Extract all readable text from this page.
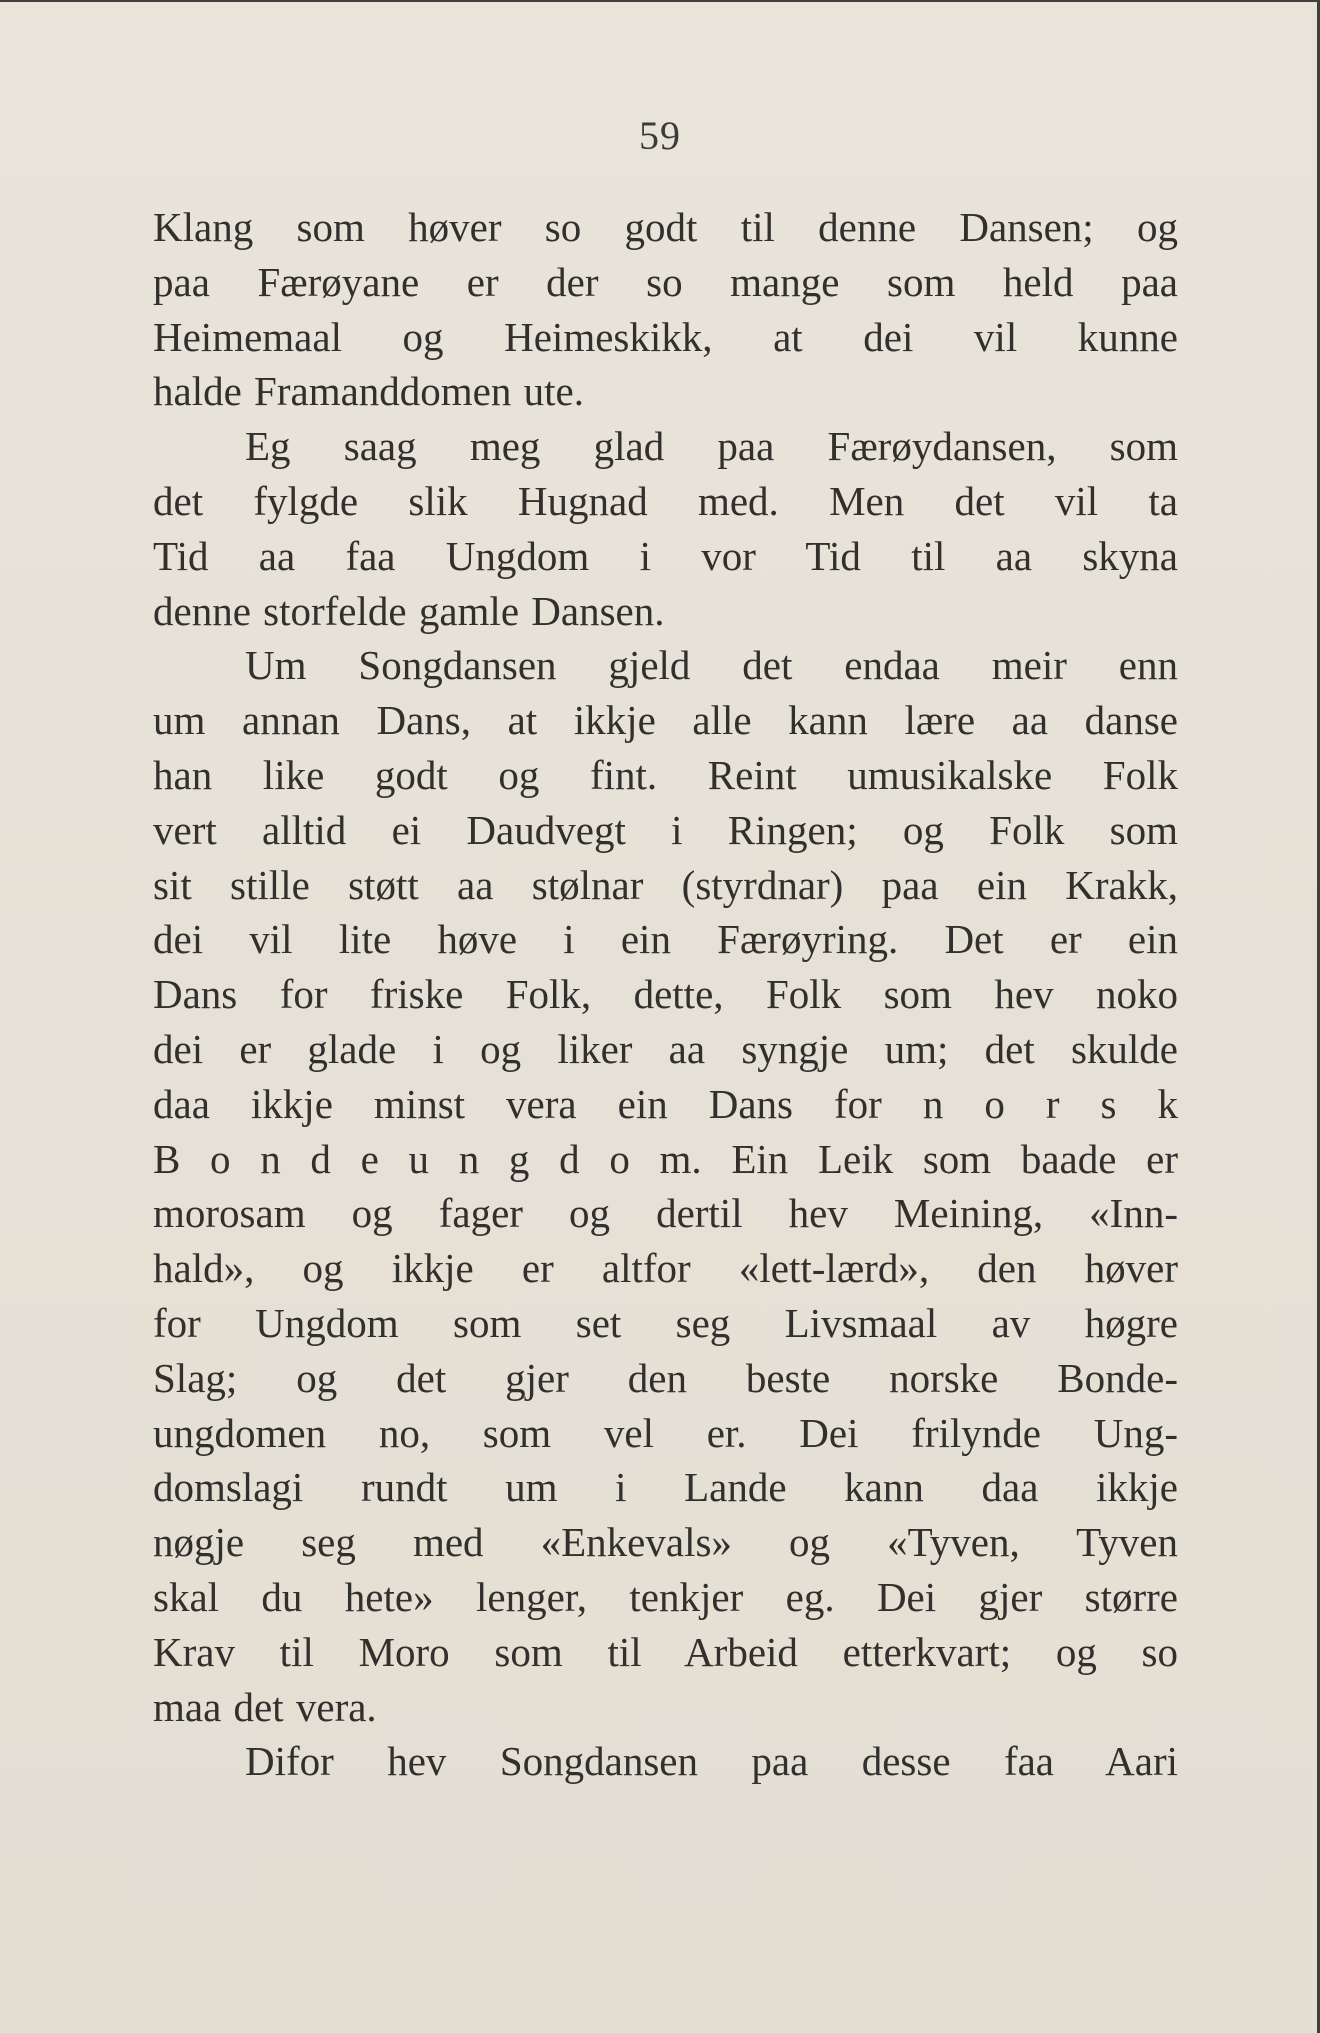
59
Klang som høver so godt til denne Dansen; og
paa Færøyane er der so mange som held paa
Heimemaal og Heimeskikk, at dei vil kunne
halde Framanddomen ute.
Eg saag meg glad paa Færøydansen, som
det fylgde slik Hugnad med. Men det vil ta
Tid aa faa Ungdom i vor Tid til aa skyna
denne storfelde gamle Dansen.
Um Songdansen gjeld det endaa meir enn
um annan Dans, at ikkje alle kann lære aa danse
han like godt og fint. Reint umusikalske Folk
vert alltid ei Daudvegt i Ringen; og Folk som
sit stille støtt aa stølnar (styrdnar) paa ein Krakk,
dei vil lite høve i ein Færøyring. Det er ein
Dans for friske Folk, dette, Folk som hev noko
dei er glade i og liker aa syngje um; det skulde
daa ikkje minst vera ein Dans for n o r s k
B o n d e u n g d o m. Ein Leik som baade er
morosam og fager og dertil hev Meining, «Inn-
hald», og ikkje er altfor «lett-lærd», den høver
for Ungdom som set seg Livsmaal av høgre
Slag; og det gjer den beste norske Bonde-
ungdomen no, som vel er. Dei frilynde Ung-
domslagi rundt um i Lande kann daa ikkje
nøgje seg med «Enkevals» og «Tyven, Tyven
skal du hete» lenger, tenkjer eg. Dei gjer større
Krav til Moro som til Arbeid etterkvart; og so
maa det vera.
Difor hev Songdansen paa desse faa Aari
